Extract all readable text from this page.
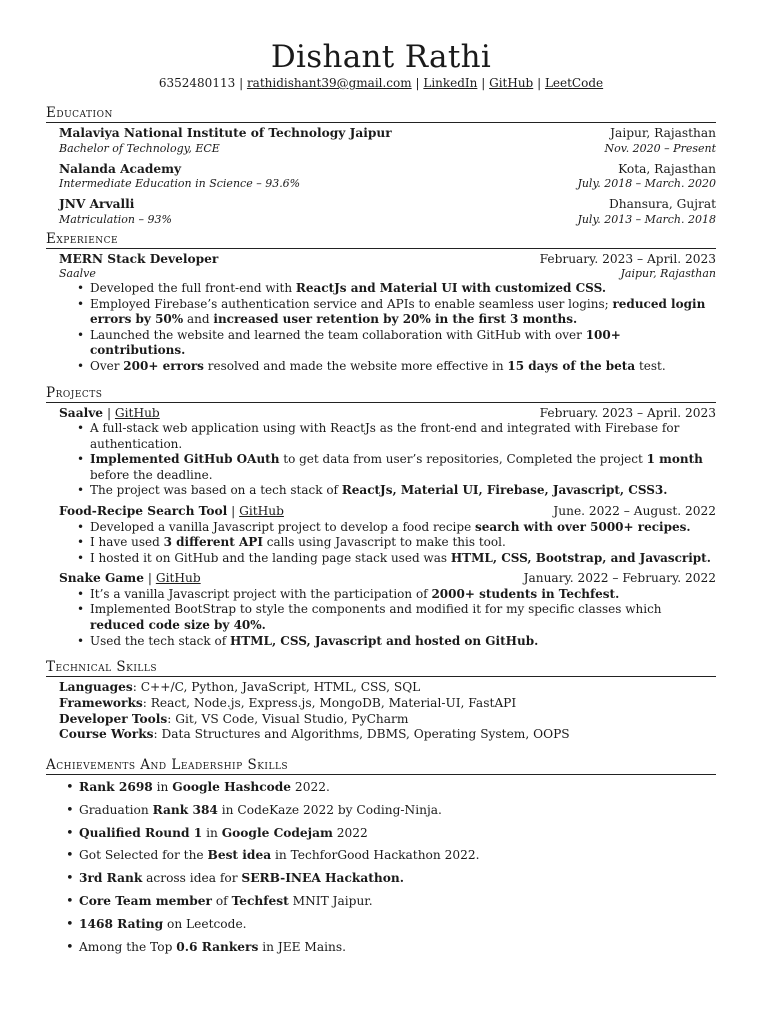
Dishant Rathi
6352480113 | rathidishant39@gmail.com | LinkedIn | GitHub | LeetCode
Education
Malaviya National Institute of Technology Jaipur	Jaipur, Rajasthan
Bachelor of Technology, ECE	Nov. 2020 – Present
Nalanda Academy	Kota, Rajasthan
Intermediate Education in Science – 93.6%	July. 2018 – March. 2020
JNV Arvalli	Dhansura, Gujrat
Matriculation – 93%	July. 2013 – March. 2018
Experience
MERN Stack Developer	February. 2023 – April. 2023
Saalve	Jaipur, Rajasthan
• Developed the full front-end with ReactJs and Material UI with customized CSS.
• Employed Firebase’s authentication service and APIs to enable seamless user logins; reduced login errors by 50% and increased user retention by 20% in the first 3 months.
• Launched the website and learned the team collaboration with GitHub with over 100+ contributions.
• Over 200+ errors resolved and made the website more effective in 15 days of the beta test.
Projects
Saalve | GitHub	February. 2023 – April. 2023
• A full-stack web application using with ReactJs as the front-end and integrated with Firebase for authentication.
• Implemented GitHub OAuth to get data from user’s repositories, Completed the project 1 month before the deadline.
• The project was based on a tech stack of ReactJs, Material UI, Firebase, Javascript, CSS3.
Food-Recipe Search Tool | GitHub	June. 2022 – August. 2022
• Developed a vanilla Javascript project to develop a food recipe search with over 5000+ recipes.
• I have used 3 different API calls using Javascript to make this tool.
• I hosted it on GitHub and the landing page stack used was HTML, CSS, Bootstrap, and Javascript.
Snake Game | GitHub	January. 2022 – February. 2022
• It’s a vanilla Javascript project with the participation of 2000+ students in Techfest.
• Implemented BootStrap to style the components and modified it for my specific classes which reduced code size by 40%.
• Used the tech stack of HTML, CSS, Javascript and hosted on GitHub.
Technical Skills
Languages: C++/C, Python, JavaScript, HTML, CSS, SQL
Frameworks: React, Node.js, Express.js, MongoDB, Material-UI, FastAPI
Developer Tools: Git, VS Code, Visual Studio, PyCharm
Course Works: Data Structures and Algorithms, DBMS, Operating System, OOPS
Achievements And Leadership Skills
• Rank 2698 in Google Hashcode 2022.
• Graduation Rank 384 in CodeKaze 2022 by Coding-Ninja.
• Qualified Round 1 in Google Codejam 2022
• Got Selected for the Best idea in TechforGood Hackathon 2022.
• 3rd Rank across idea for SERB-INEA Hackathon.
• Core Team member of Techfest MNIT Jaipur.
• 1468 Rating on Leetcode.
• Among the Top 0.6 Rankers in JEE Mains.
